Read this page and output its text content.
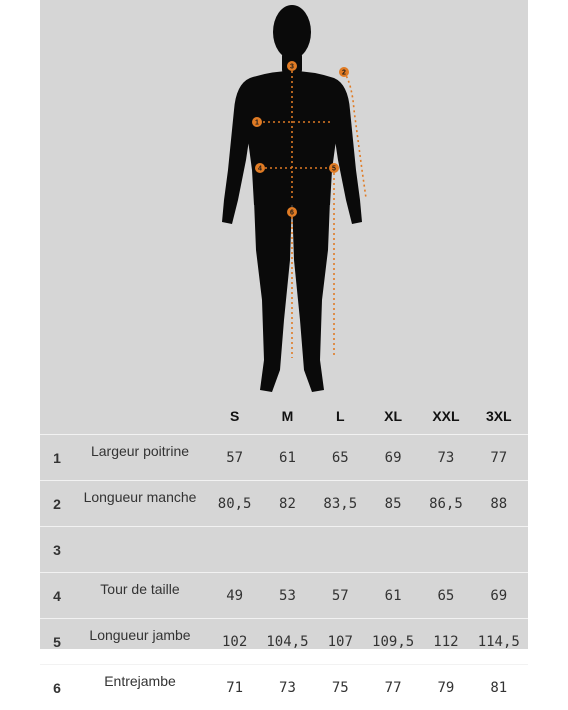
3
2
1
4	5
6
		S	M	L	XL	XXL	3XL
1	Largeur poitrine	57	61	65	69	73	77
2	Longueur manche	80,5	82	83,5	85	86,5	88
3							
4	Tour de taille	49	53	57	61	65	69
5	Longueur jambe	102	104,5	107	109,5	112	114,5
6	Entrejambe	71	73	75	77	79	81
